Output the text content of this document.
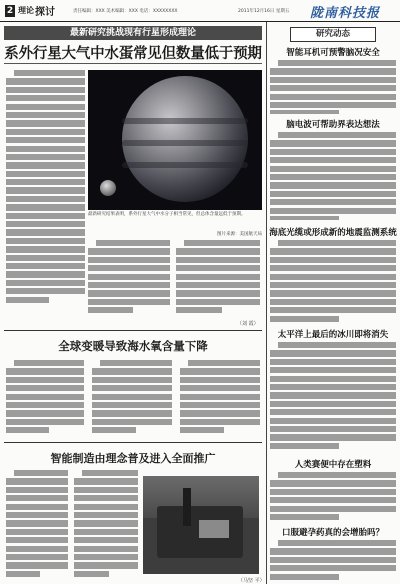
2 理论 探讨	责任编辑：XXX 美术编辑：XXX 电话：XXXXXXXX	2011年12月16日 星期五 陇南科技报
最新研究挑战现有行星形成理论
系外行星大气中水蛋常见但数量低于预期
最新研究结果表明，系外行星大气中水分子相当常见，但总体含量远低于预期。
图片来源：美国航天局
（刘 霞）
全球变暖导致海水氧含量下降
智能制造由理念普及进入全面推广
（马坚 平）
研究动态
智能耳机可预警脑况安全
脑电波可帮助界表达想法
海底光缆或形成新的地震监测系统
太平洋上最后的冰川即将消失
人类赛便中存在塑料
口服避孕药真的会增胎吗？
